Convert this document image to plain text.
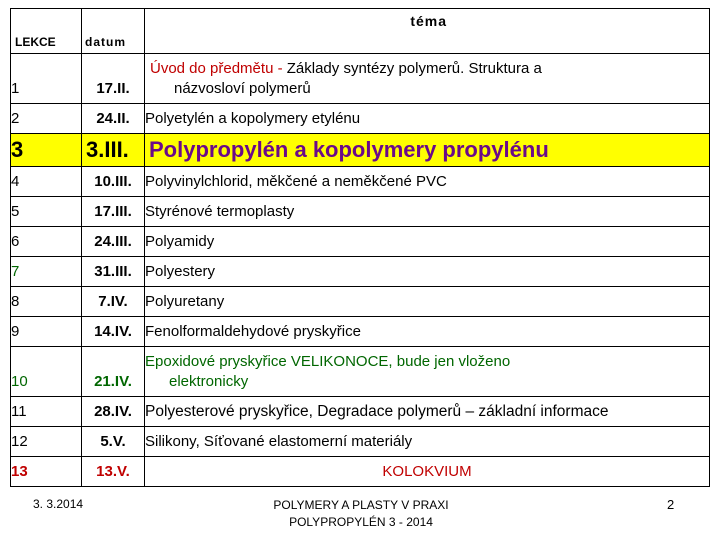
LEKCE	datum	téma
1	17.II.	Úvod do předmětu - Základy syntézy polymerů. Struktura a
názvosloví polymerů
2	24.II.	Polyetylén a kopolymery etylénu
3	3.III.	Polypropylén a kopolymery propylénu
4	10.III.	Polyvinylchlorid, měkčené a neměkčené PVC
5	17.III.	Styrénové termoplasty
6	24.III.	Polyamidy
7	31.III.	Polyestery
8	7.IV.	Polyuretany
9	14.IV.	Fenolformaldehydové pryskyřice
10	21.IV.	Epoxidové pryskyřice VELIKONOCE, bude jen vloženo
elektronicky
11	28.IV.	Polyesterové pryskyřice, Degradace polymerů – základní informace
12	5.V.	Silikony, Síťované elastomerní materiály
13	13.V.	KOLOKVIUM
3. 3.2014	POLYMERY A PLASTY V PRAXI
POLYPROPYLÉN 3 - 2014
2
